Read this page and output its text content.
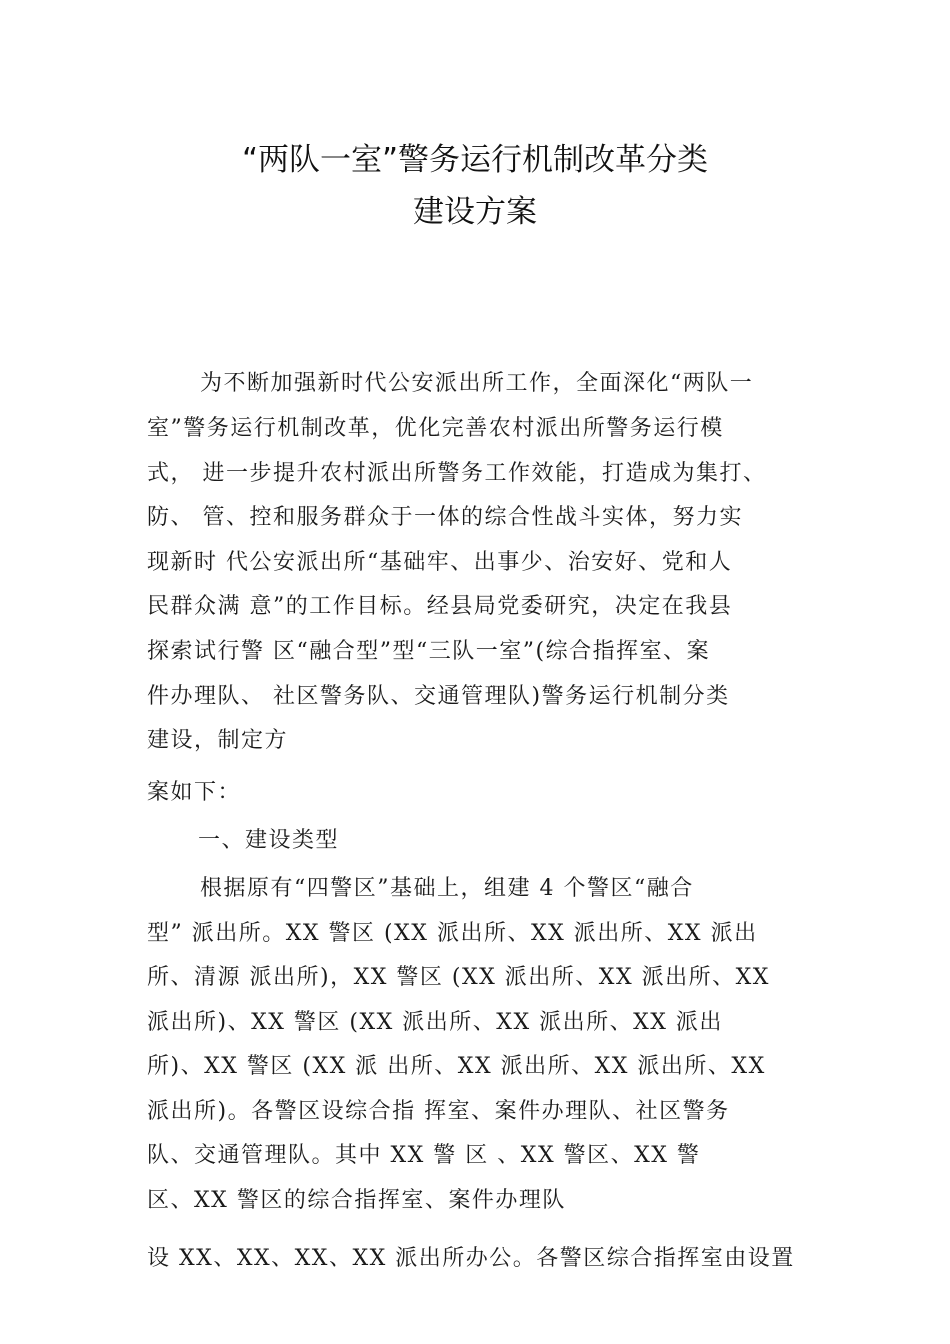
“两队一室”警务运行机制改革分类
建设方案
为不断加强新时代公安派出所工作，全面深化“两队一
室”警务运行机制改革，优化完善农村派出所警务运行模
式， 进一步提升农村派出所警务工作效能，打造成为集打、
防、 管、控和服务群众于一体的综合性战斗实体，努力实
现新时 代公安派出所“基础牢、出事少、治安好、党和人
民群众满 意”的工作目标。经县局党委研究，决定在我县
探索试行警 区“融合型”型“三队一室”(综合指挥室、案
件办理队、 社区警务队、交通管理队)警务运行机制分类
建设，制定方
案如下：
一、建设类型
根据原有“四警区”基础上，组建 4 个警区“融合
型” 派出所。XX 警区 (XX 派出所、XX 派出所、XX 派出
所、清源 派出所)，XX 警区 (XX 派出所、XX 派出所、XX
派出所)、XX 警区 (XX 派出所、XX 派出所、XX 派出
所)、XX 警区 (XX 派 出所、XX 派出所、XX 派出所、XX
派出所)。各警区设综合指 挥室、案件办理队、社区警务
队、交通管理队。其中 XX 警 区 、XX 警区、XX 警
区、XX 警区的综合指挥室、案件办理队
设 XX、XX、XX、XX 派出所办公。各警区综合指挥室由设置
